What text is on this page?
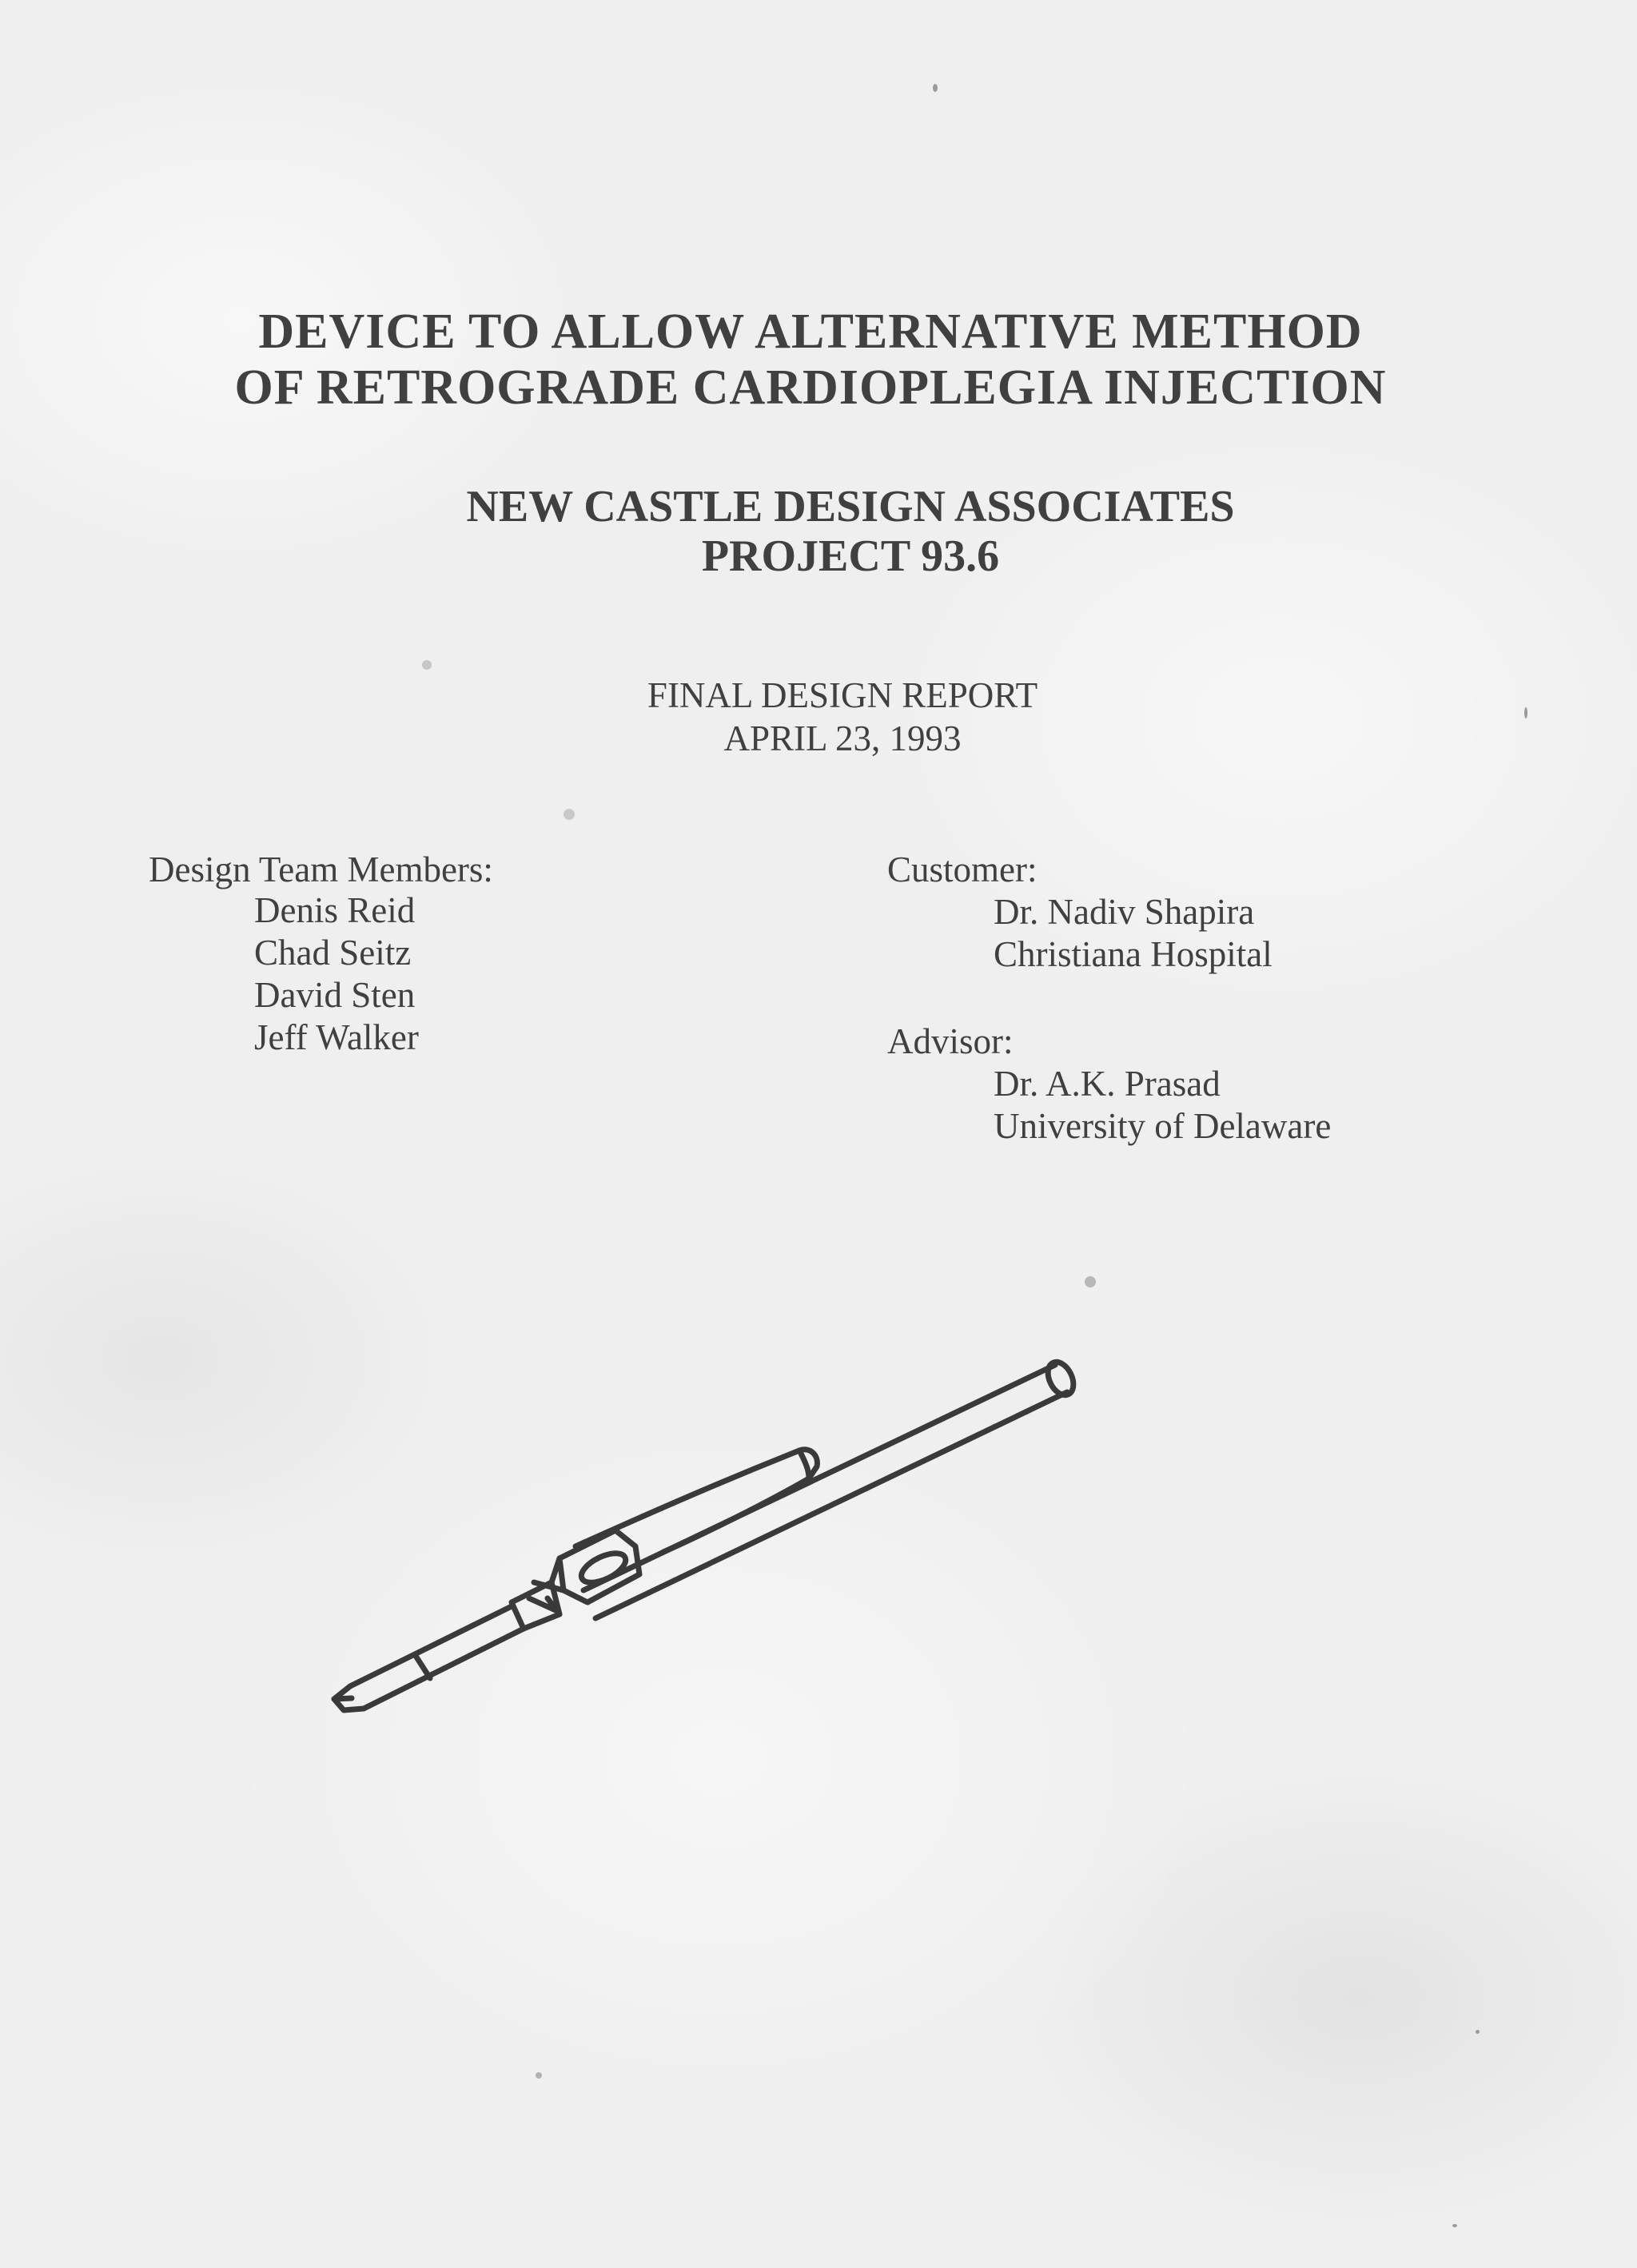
DEVICE TO ALLOW ALTERNATIVE METHOD
OF RETROGRADE CARDIOPLEGIA INJECTION
NEW CASTLE DESIGN ASSOCIATES
PROJECT 93.6

FINAL DESIGN REPORT

APRIL 23, 1993

Design Team Members:

Denis Reid
Chad Seitz
David Sten
Jeff Walker

Customer:

Dr. Nadiv Shapira
Christiana Hospital

Advisor:

Dr. A.K. Prasad
University of Delaware
